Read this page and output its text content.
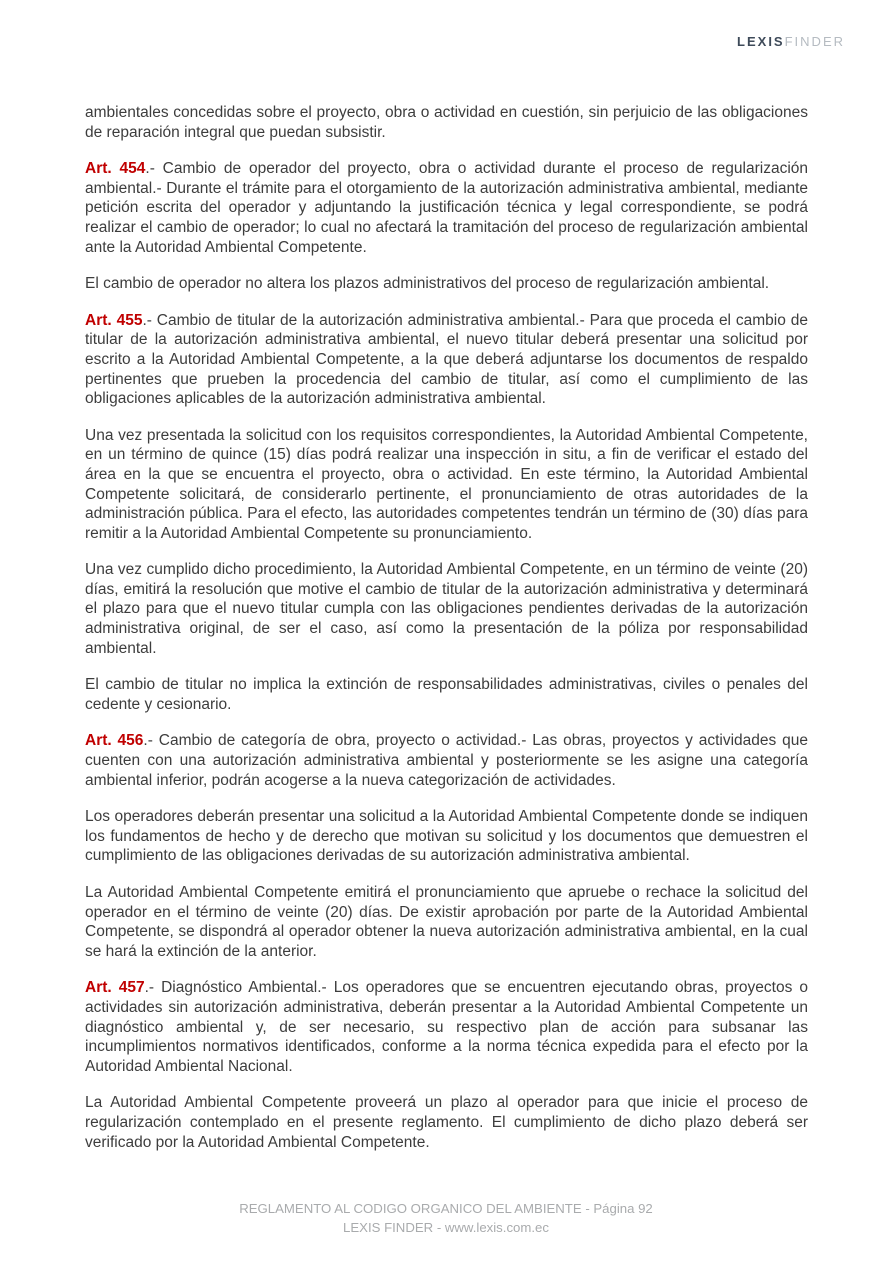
LEXISFINDER

ambientales concedidas sobre el proyecto, obra o actividad en cuestión, sin perjuicio de las obligaciones de reparación integral que puedan subsistir.

Art. 454.- Cambio de operador del proyecto, obra o actividad durante el proceso de regularización ambiental.- Durante el trámite para el otorgamiento de la autorización administrativa ambiental, mediante petición escrita del operador y adjuntando la justificación técnica y legal correspondiente, se podrá realizar el cambio de operador; lo cual no afectará la tramitación del proceso de regularización ambiental ante la Autoridad Ambiental Competente.

El cambio de operador no altera los plazos administrativos del proceso de regularización ambiental.

Art. 455.- Cambio de titular de la autorización administrativa ambiental.- Para que proceda el cambio de titular de la autorización administrativa ambiental, el nuevo titular deberá presentar una solicitud por escrito a la Autoridad Ambiental Competente, a la que deberá adjuntarse los documentos de respaldo pertinentes que prueben la procedencia del cambio de titular, así como el cumplimiento de las obligaciones aplicables de la autorización administrativa ambiental.

Una vez presentada la solicitud con los requisitos correspondientes, la Autoridad Ambiental Competente, en un término de quince (15) días podrá realizar una inspección in situ, a fin de verificar el estado del área en la que se encuentra el proyecto, obra o actividad. En este término, la Autoridad Ambiental Competente solicitará, de considerarlo pertinente, el pronunciamiento de otras autoridades de la administración pública. Para el efecto, las autoridades competentes tendrán un término de (30) días para remitir a la Autoridad Ambiental Competente su pronunciamiento.

Una vez cumplido dicho procedimiento, la Autoridad Ambiental Competente, en un término de veinte (20) días, emitirá la resolución que motive el cambio de titular de la autorización administrativa y determinará el plazo para que el nuevo titular cumpla con las obligaciones pendientes derivadas de la autorización administrativa original, de ser el caso, así como la presentación de la póliza por responsabilidad ambiental.

El cambio de titular no implica la extinción de responsabilidades administrativas, civiles o penales del cedente y cesionario.

Art. 456.- Cambio de categoría de obra, proyecto o actividad.- Las obras, proyectos y actividades que cuenten con una autorización administrativa ambiental y posteriormente se les asigne una categoría ambiental inferior, podrán acogerse a la nueva categorización de actividades.

Los operadores deberán presentar una solicitud a la Autoridad Ambiental Competente donde se indiquen los fundamentos de hecho y de derecho que motivan su solicitud y los documentos que demuestren el cumplimiento de las obligaciones derivadas de su autorización administrativa ambiental.

La Autoridad Ambiental Competente emitirá el pronunciamiento que apruebe o rechace la solicitud del operador en el término de veinte (20) días. De existir aprobación por parte de la Autoridad Ambiental Competente, se dispondrá al operador obtener la nueva autorización administrativa ambiental, en la cual se hará la extinción de la anterior.

Art. 457.- Diagnóstico Ambiental.- Los operadores que se encuentren ejecutando obras, proyectos o actividades sin autorización administrativa, deberán presentar a la Autoridad Ambiental Competente un diagnóstico ambiental y, de ser necesario, su respectivo plan de acción para subsanar las incumplimientos normativos identificados, conforme a la norma técnica expedida para el efecto por la Autoridad Ambiental Nacional.

La Autoridad Ambiental Competente proveerá un plazo al operador para que inicie el proceso de regularización contemplado en el presente reglamento. El cumplimiento de dicho plazo deberá ser verificado por la Autoridad Ambiental Competente.

REGLAMENTO AL CODIGO ORGANICO DEL AMBIENTE - Página 92
LEXIS FINDER - www.lexis.com.ec
